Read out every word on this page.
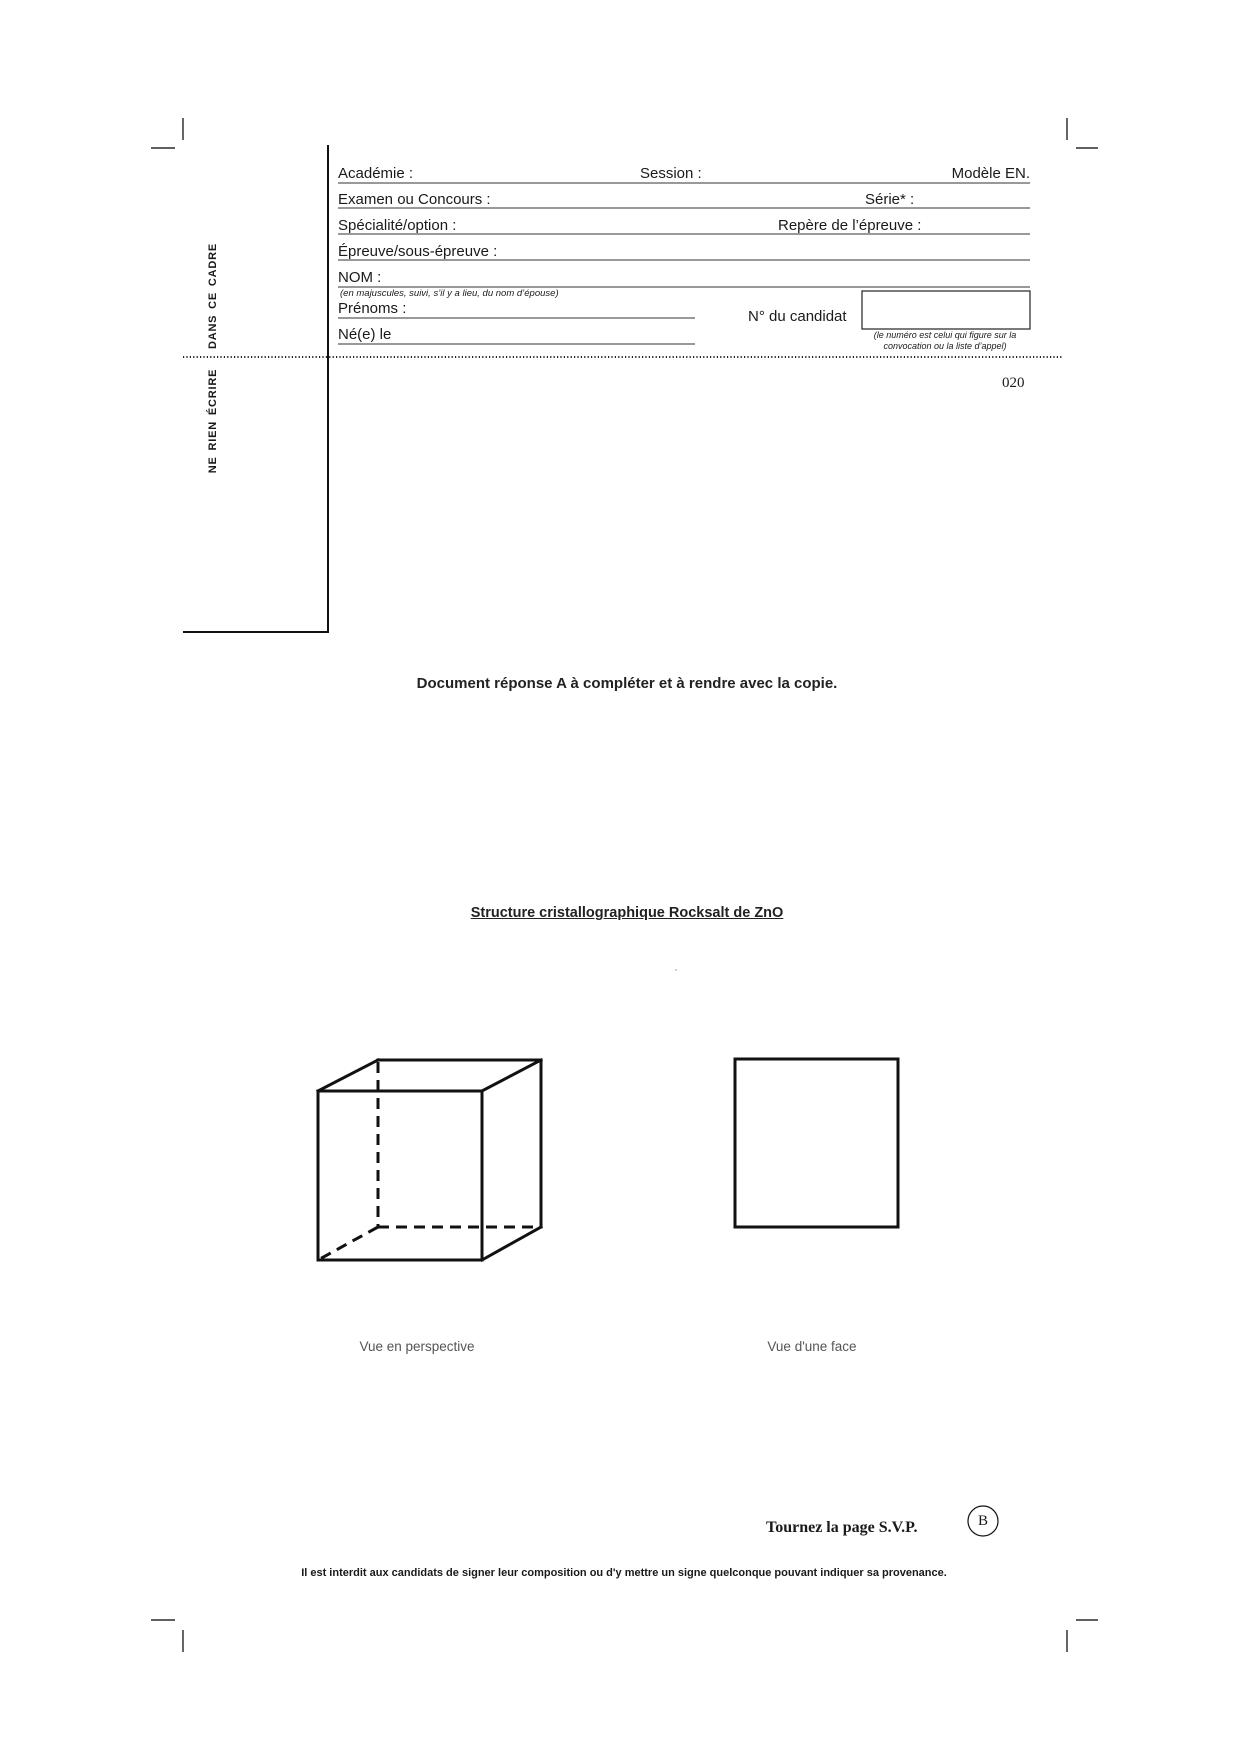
DANS CE CADRE
NE RIEN ÉCRIRE
Académie :	Session :	Modèle EN.
Examen ou Concours :	Série* :
Spécialité/option :	Repère de l’épreuve :
Épreuve/sous-épreuve :
NOM :
(en majuscules, suivi, s’il y a lieu, du nom d’épouse)
Prénoms :
Né(e) le
N° du candidat
(le numéro est celui qui figure sur la
convocation ou la liste d’appel)
020
Document réponse A à compléter et à rendre avec la copie.
Structure cristallographique Rocksalt de ZnO
Vue en perspective	Vue d'une face
Tournez la page S.V.P.	B
Il est interdit aux candidats de signer leur composition ou d'y mettre un signe quelconque pouvant indiquer sa provenance.
